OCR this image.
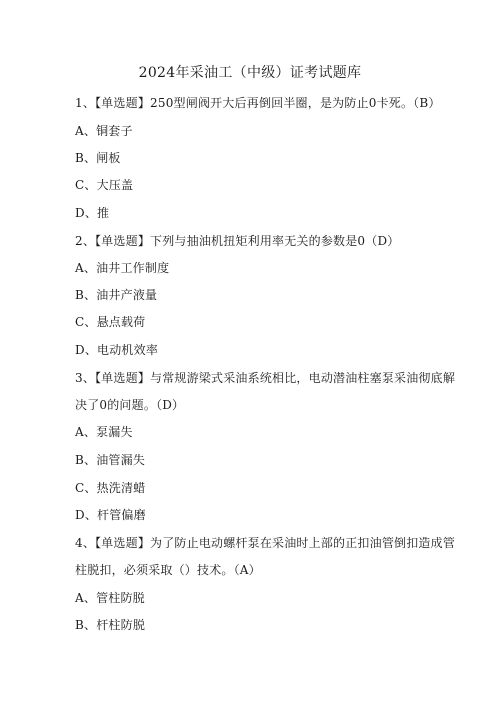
2024年采油工（中级）证考试题库
1、【单选题】250型闸阀开大后再倒回半圈，是为防止0卡死。（B）
A、铜套子
B、闸板
C、大压盖
D、推
2、【单选题】下列与抽油机扭矩利用率无关的参数是0（D）
A、油井工作制度
B、油井产液量
C、悬点载荷
D、电动机效率
3、【单选题】与常规游梁式采油系统相比，电动潜油柱塞泵采油彻底解
决了0的问题。（D）
A、泵漏失
B、油管漏失
C、热洗清蜡
D、杆管偏磨
4、【单选题】为了防止电动螺杆泵在采油时上部的正扣油管倒扣造成管
柱脱扣，必须采取（）技术。（A）
A、管柱防脱
B、杆柱防脱
